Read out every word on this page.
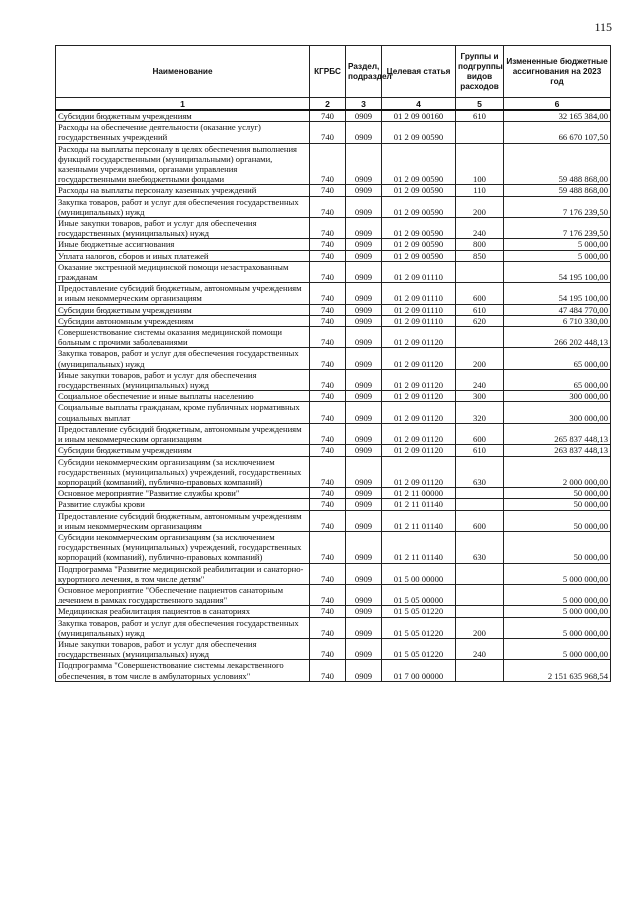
115
Наименование	КГРБС	Раздел, подраздел	Целевая статья	Группы и подгруппы видов расходов	Измененные бюджетные ассигнования на 2023 год
1	2	3	4	5	6
Субсидии бюджетным учреждениям	740	0909	01 2 09 00160	610	32 165 384,00
Расходы на обеспечение деятельности (оказание услуг) государственных учреждений	740	0909	01 2 09 00590		66 670 107,50
Расходы на выплаты персоналу в целях обеспечения выполнения функций государственными (муниципальными) органами, казенными учреждениями, органами управления государственными внебюджетными фондами	740	0909	01 2 09 00590	100	59 488 868,00
Расходы на выплаты персоналу казенных учреждений	740	0909	01 2 09 00590	110	59 488 868,00
Закупка товаров, работ и услуг для обеспечения государственных (муниципальных) нужд	740	0909	01 2 09 00590	200	7 176 239,50
Иные закупки товаров, работ и услуг для обеспечения государственных (муниципальных) нужд	740	0909	01 2 09 00590	240	7 176 239,50
Иные бюджетные ассигнования	740	0909	01 2 09 00590	800	5 000,00
Уплата налогов, сборов и иных платежей	740	0909	01 2 09 00590	850	5 000,00
Оказание экстренной медицинской помощи незастрахованным гражданам	740	0909	01 2 09 01110		54 195 100,00
Предоставление субсидий бюджетным, автономным учреждениям и иным некоммерческим организациям	740	0909	01 2 09 01110	600	54 195 100,00
Субсидии бюджетным учреждениям	740	0909	01 2 09 01110	610	47 484 770,00
Субсидии автономным учреждениям	740	0909	01 2 09 01110	620	6 710 330,00
Совершенствование системы оказания медицинской помощи больным с прочими заболеваниями	740	0909	01 2 09 01120		266 202 448,13
Закупка товаров, работ и услуг для обеспечения государственных (муниципальных) нужд	740	0909	01 2 09 01120	200	65 000,00
Иные закупки товаров, работ и услуг для обеспечения государственных (муниципальных) нужд	740	0909	01 2 09 01120	240	65 000,00
Социальное обеспечение и иные выплаты населению	740	0909	01 2 09 01120	300	300 000,00
Социальные выплаты гражданам, кроме публичных нормативных социальных выплат	740	0909	01 2 09 01120	320	300 000,00
Предоставление субсидий бюджетным, автономным учреждениям и иным некоммерческим организациям	740	0909	01 2 09 01120	600	265 837 448,13
Субсидии бюджетным учреждениям	740	0909	01 2 09 01120	610	263 837 448,13
Субсидии некоммерческим организациям (за исключением государственных (муниципальных) учреждений, государственных корпораций (компаний), публично-правовых компаний)	740	0909	01 2 09 01120	630	2 000 000,00
Основное мероприятие "Развитие службы крови"	740	0909	01 2 11 00000		50 000,00
Развитие службы крови	740	0909	01 2 11 01140		50 000,00
Предоставление субсидий бюджетным, автономным учреждениям и иным некоммерческим организациям	740	0909	01 2 11 01140	600	50 000,00
Субсидии некоммерческим организациям (за исключением государственных (муниципальных) учреждений, государственных корпораций (компаний), публично-правовых компаний)	740	0909	01 2 11 01140	630	50 000,00
Подпрограмма "Развитие медицинской реабилитации и санаторно-курортного лечения, в том числе детям"	740	0909	01 5 00 00000		5 000 000,00
Основное мероприятие "Обеспечение пациентов санаторным лечением в рамках государственного задания"	740	0909	01 5 05 00000		5 000 000,00
Медицинская реабилитация пациентов в санаториях	740	0909	01 5 05 01220		5 000 000,00
Закупка товаров, работ и услуг для обеспечения государственных (муниципальных) нужд	740	0909	01 5 05 01220	200	5 000 000,00
Иные закупки товаров, работ и услуг для обеспечения государственных (муниципальных) нужд	740	0909	01 5 05 01220	240	5 000 000,00
Подпрограмма "Совершенствование системы лекарственного обеспечения, в том числе в амбулаторных условиях"	740	0909	01 7 00 00000		2 151 635 968,54
